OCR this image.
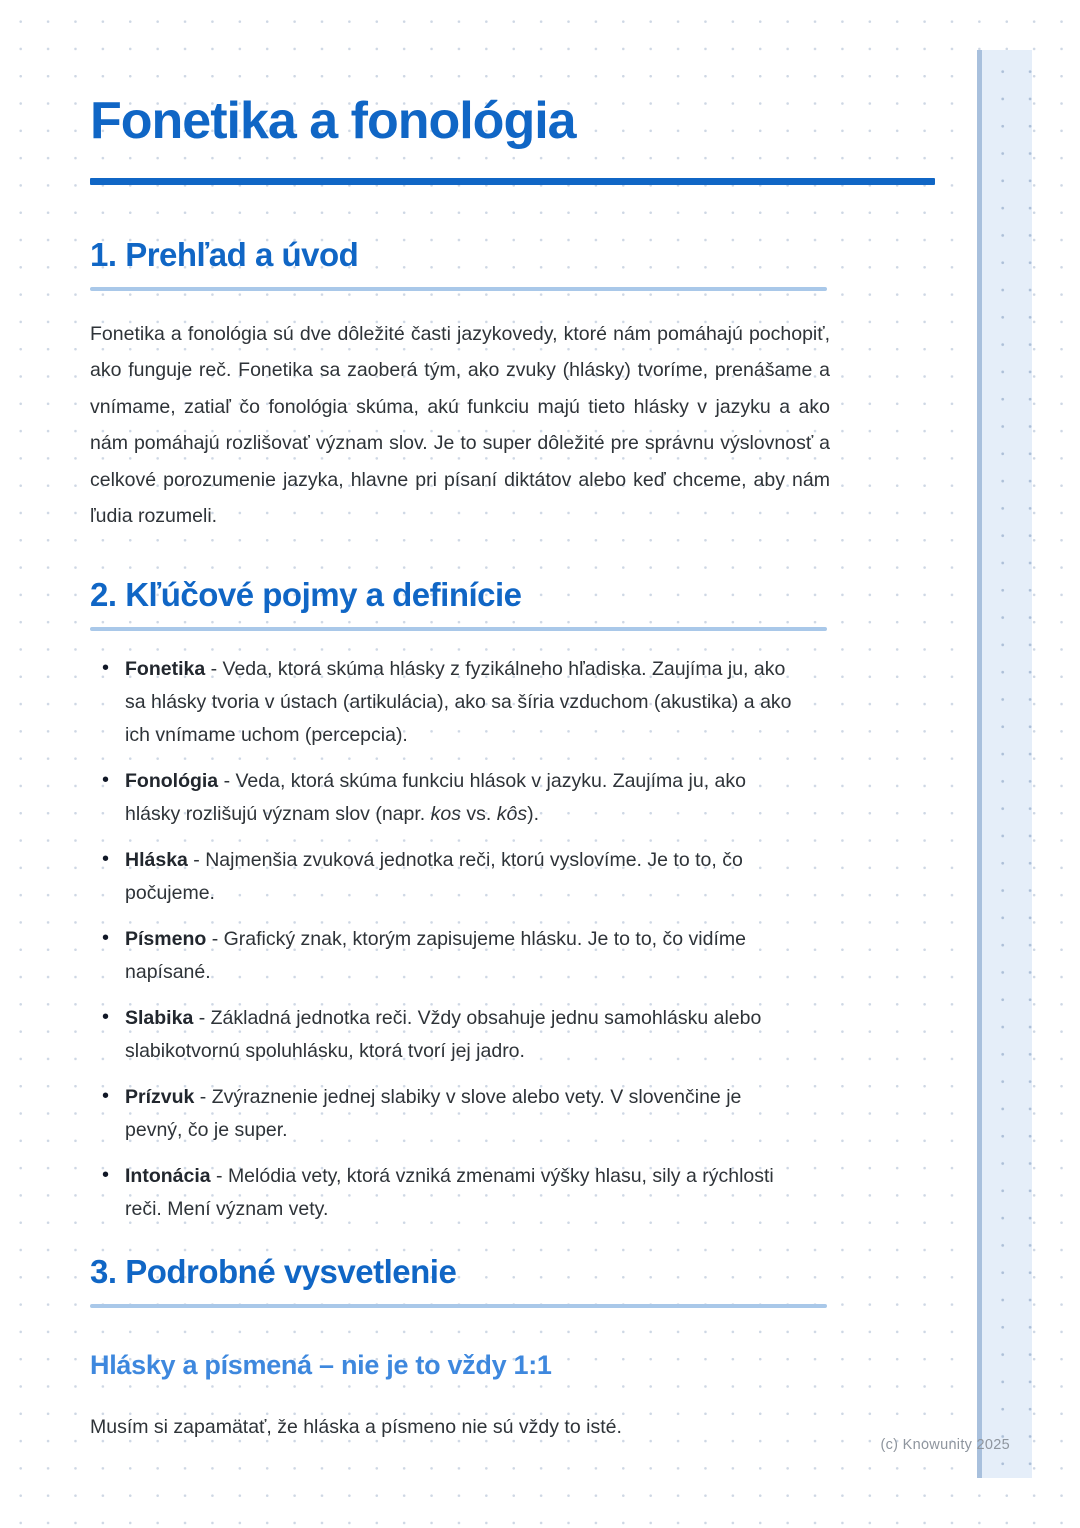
Fonetika a fonológia
1. Prehľad a úvod

Fonetika a fonológia sú dve dôležité časti jazykovedy, ktoré nám pomáhajú pochopiť, ako funguje reč. Fonetika sa zaoberá tým, ako zvuky (hlásky) tvoríme, prenášame a vnímame, zatiaľ čo fonológia skúma, akú funkciu majú tieto hlásky v jazyku a ako nám pomáhajú rozlišovať význam slov. Je to super dôležité pre správnu výslovnosť a celkové porozumenie jazyka, hlavne pri písaní diktátov alebo keď chceme, aby nám ľudia rozumeli.

2. Kľúčové pojmy a definície
• Fonetika - Veda, ktorá skúma hlásky z fyzikálneho hľadiska. Zaujíma ju, ako sa hlásky tvoria v ústach (artikulácia), ako sa šíria vzduchom (akustika) a ako ich vnímame uchom (percepcia).
• Fonológia - Veda, ktorá skúma funkciu hlások v jazyku. Zaujíma ju, ako hlásky rozlišujú význam slov (napr. kos vs. kôs).
• Hláska - Najmenšia zvuková jednotka reči, ktorú vyslovíme. Je to to, čo počujeme.
• Písmeno - Grafický znak, ktorým zapisujeme hlásku. Je to to, čo vidíme napísané.
• Slabika - Základná jednotka reči. Vždy obsahuje jednu samohlásku alebo slabikotvornú spoluhlásku, ktorá tvorí jej jadro.
• Prízvuk - Zvýraznenie jednej slabiky v slove alebo vety. V slovenčine je pevný, čo je super.
• Intonácia - Melódia vety, ktorá vzniká zmenami výšky hlasu, sily a rýchlosti reči. Mení význam vety.
3. Podrobné vysvetlenie
Hlásky a písmená – nie je to vždy 1:1

Musím si zapamätať, že hláska a písmeno nie sú vždy to isté.

(c) Knowunity 2025
